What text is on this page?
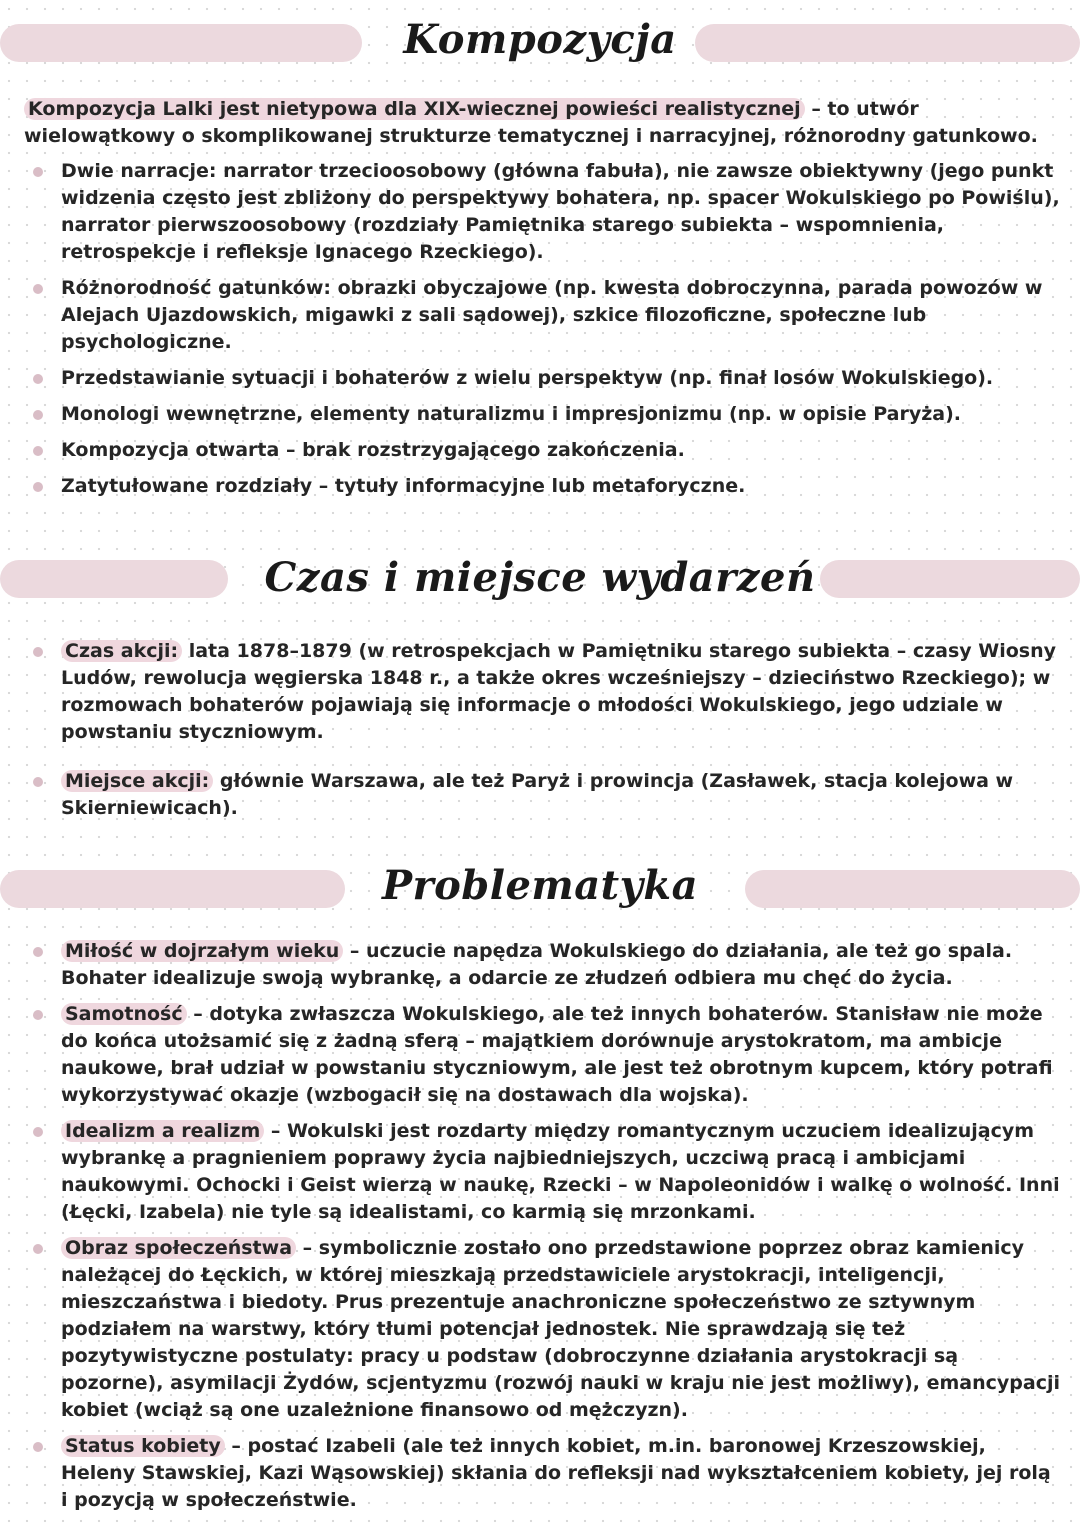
Kompozycja
Kompozycja Lalki jest nietypowa dla XIX-wiecznej powieści realistycznej – to utwór wielowątkowy o skomplikowanej strukturze tematycznej i narracyjnej, różnorodny gatunkowo.
Dwie narracje: narrator trzecioosobowy (główna fabuła), nie zawsze obiektywny (jego punkt widzenia często jest zbliżony do perspektywy bohatera, np. spacer Wokulskiego po Powiślu), narrator pierwszoosobowy (rozdziały Pamiętnika starego subiekta – wspomnienia, retrospekcje i refleksje Ignacego Rzeckiego).
Różnorodność gatunków: obrazki obyczajowe (np. kwesta dobroczynna, parada powozów w Alejach Ujazdowskich, migawki z sali sądowej), szkice filozoficzne, społeczne lub psychologiczne.
Przedstawianie sytuacji i bohaterów z wielu perspektyw (np. finał losów Wokulskiego).
Monologi wewnętrzne, elementy naturalizmu i impresjonizmu (np. w opisie Paryża).
Kompozycja otwarta – brak rozstrzygającego zakończenia.
Zatytułowane rozdziały – tytuły informacyjne lub metaforyczne.
Czas i miejsce wydarzeń
Czas akcji: lata 1878–1879 (w retrospekcjach w Pamiętniku starego subiekta – czasy Wiosny Ludów, rewolucja węgierska 1848 r., a także okres wcześniejszy – dzieciństwo Rzeckiego); w rozmowach bohaterów pojawiają się informacje o młodości Wokulskiego, jego udziale w powstaniu styczniowym.
Miejsce akcji: głównie Warszawa, ale też Paryż i prowincja (Zasławek, stacja kolejowa w Skierniewicach).
Problematyka
Miłość w dojrzałym wieku – uczucie napędza Wokulskiego do działania, ale też go spala. Bohater idealizuje swoją wybrankę, a odarcie ze złudzeń odbiera mu chęć do życia.
Samotność – dotyka zwłaszcza Wokulskiego, ale też innych bohaterów. Stanisław nie może do końca utożsamić się z żadną sferą – majątkiem dorównuje arystokratom, ma ambicje naukowe, brał udział w powstaniu styczniowym, ale jest też obrotnym kupcem, który potrafi wykorzystywać okazje (wzbogacił się na dostawach dla wojska).
Idealizm a realizm – Wokulski jest rozdarty między romantycznym uczuciem idealizującym wybrankę a pragnieniem poprawy życia najbiedniejszych, uczciwą pracą i ambicjami naukowymi. Ochocki i Geist wierzą w naukę, Rzecki – w Napoleonidów i walkę o wolność. Inni (Łęcki, Izabela) nie tyle są idealistami, co karmią się mrzonkami.
Obraz społeczeństwa – symbolicznie zostało ono przedstawione poprzez obraz kamienicy należącej do Łęckich, w której mieszkają przedstawiciele arystokracji, inteligencji, mieszczaństwa i biedoty. Prus prezentuje anachroniczne społeczeństwo ze sztywnym podziałem na warstwy, który tłumi potencjał jednostek. Nie sprawdzają się też pozytywistyczne postulaty: pracy u podstaw (dobroczynne działania arystokracji są pozorne), asymilacji Żydów, scjentyzmu (rozwój nauki w kraju nie jest możliwy), emancypacji kobiet (wciąż są one uzależnione finansowo od mężczyzn).
Status kobiety – postać Izabeli (ale też innych kobiet, m.in. baronowej Krzeszowskiej, Heleny Stawskiej, Kazi Wąsowskiej) skłania do refleksji nad wykształceniem kobiety, jej rolą i pozycją w społeczeństwie.
